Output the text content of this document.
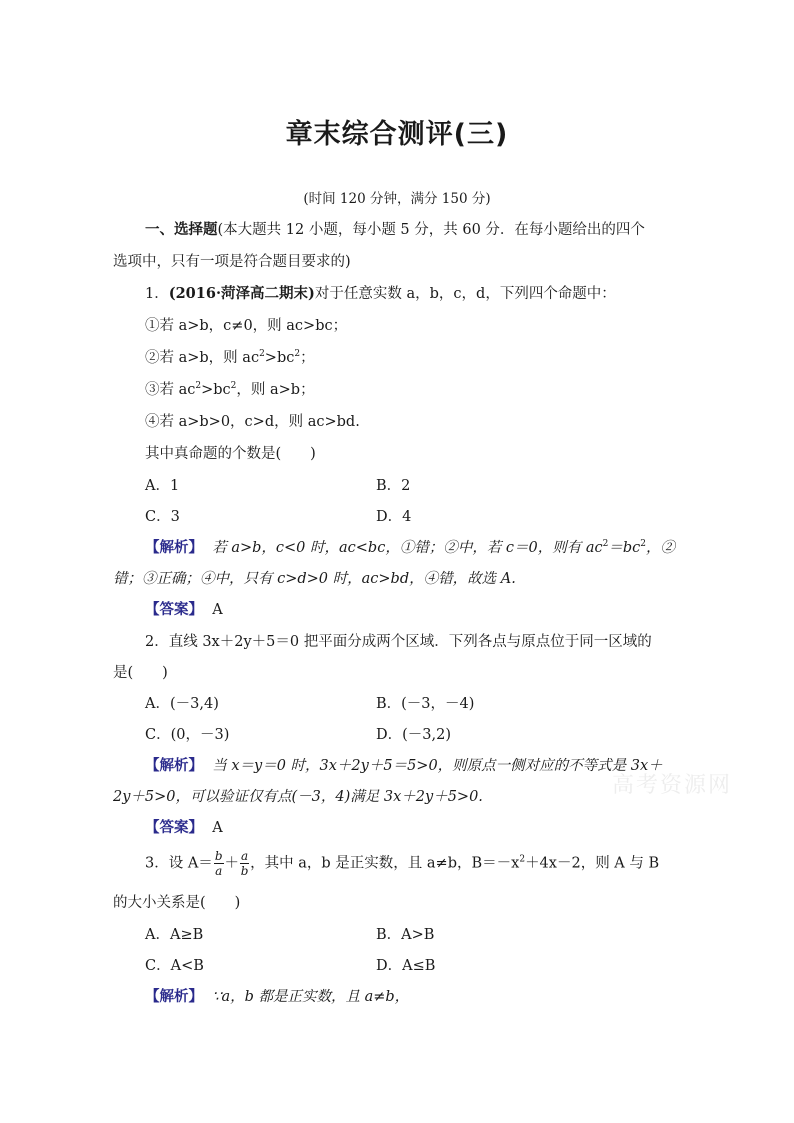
章末综合测评(三)
(时间 120 分钟，满分 150 分)
一、选择题(本大题共 12 小题，每小题 5 分，共 60 分．在每小题给出的四个
选项中，只有一项是符合题目要求的)
1．(2016·菏泽高二期末)对于任意实数 a，b，c，d，下列四个命题中：
①若 a>b，c≠0，则 ac>bc；
②若 a>b，则 $ac^2>bc^2$；
③若 $ac^2>bc^2$，则 a>b；
④若 a>b>0，c>d，则 ac>bd.
其中真命题的个数是(　　)
A．1	B．2
C．3	D．4
【解析】 若 a>b，c<0 时，ac<bc，①错；②中，若 c＝0，则有 $ac^2=bc^2$，②
错；③正确；④中，只有 c>d>0 时，ac>bd，④错，故选 A.
【答案】 A
2．直线 3x＋2y＋5＝0 把平面分成两个区域．下列各点与原点位于同一区域的
是(　　)
A．(－3,4)	B．(－3，－4)
C．(0，－3)	D．(－3,2)
【解析】 当 x＝y＝0 时，3x＋2y＋5＝5>0，则原点一侧对应的不等式是 3x＋
2y＋5>0，可以验证仅有点(－3，4)满足 3x＋2y＋5>0.
【答案】 A
3．设 $A= \frac{b}{a} + \frac{a}{b}$ ，其中 a，b 是正实数，且 a≠b，$B=-x^2+4x-2$，则 A 与 B
的大小关系是(　　)
A．A≥B	B．A>B
C．A<B	D．A≤B
【解析】 ∵a，b 都是正实数，且 a≠b，
高考资源网
